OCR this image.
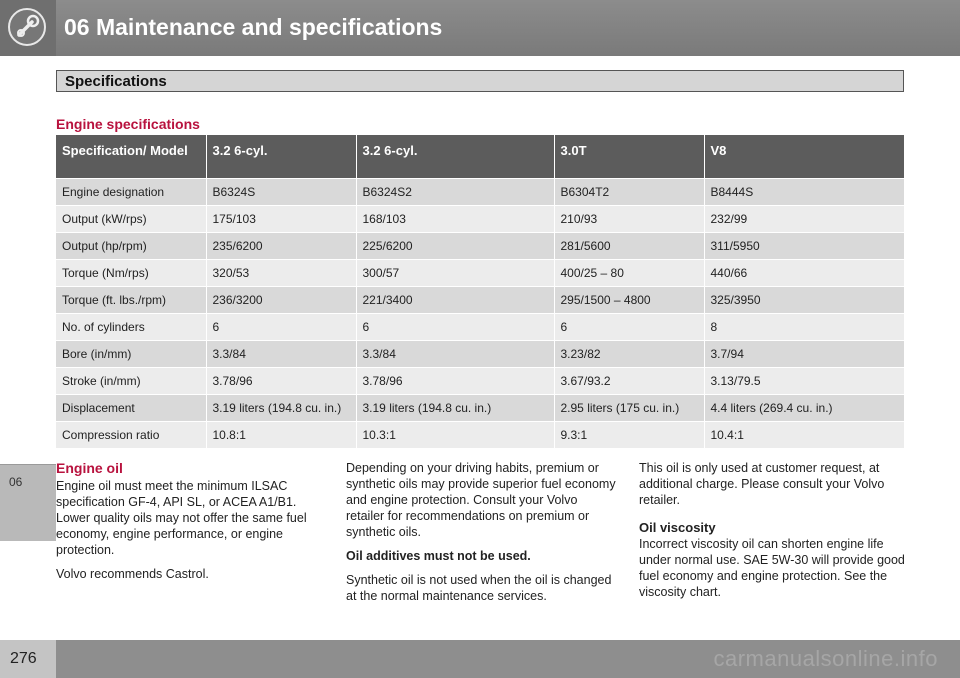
06 Maintenance and specifications
06
Specifications
Engine specifications
Specification/ Model	3.2 6-cyl.	3.2 6-cyl.	3.0T	V8
Engine designation	B6324S	B6324S2	B6304T2	B8444S
Output (kW/rps)	175/103	168/103	210/93	232/99
Output (hp/rpm)	235/6200	225/6200	281/5600	311/5950
Torque (Nm/rps)	320/53	300/57	400/25 – 80	440/66
Torque (ft. lbs./rpm)	236/3200	221/3400	295/1500 – 4800	325/3950
No. of cylinders	6	6	6	8
Bore (in/mm)	3.3/84	3.3/84	3.23/82	3.7/94
Stroke (in/mm)	3.78/96	3.78/96	3.67/93.2	3.13/79.5
Displacement	3.19 liters (194.8 cu. in.)	3.19 liters (194.8 cu. in.)	2.95 liters (175 cu. in.)	4.4 liters (269.4 cu. in.)
Compression ratio	10.8:1	10.3:1	9.3:1	10.4:1
Engine oil

Engine oil must meet the minimum ILSAC specification GF-4, API SL, or ACEA A1/B1. Lower quality oils may not offer the same fuel economy, engine performance, or engine protection.

Volvo recommends Castrol.

Depending on your driving habits, premium or synthetic oils may provide superior fuel economy and engine protection. Consult your Volvo retailer for recommendations on premium or synthetic oils.

Oil additives must not be used.

Synthetic oil is not used when the oil is changed at the normal maintenance services.

This oil is only used at customer request, at additional charge. Please consult your Volvo retailer.

Oil viscosity

Incorrect viscosity oil can shorten engine life under normal use. SAE 5W-30 will provide good fuel economy and engine protection. See the viscosity chart.

276	carmanualsonline.info
